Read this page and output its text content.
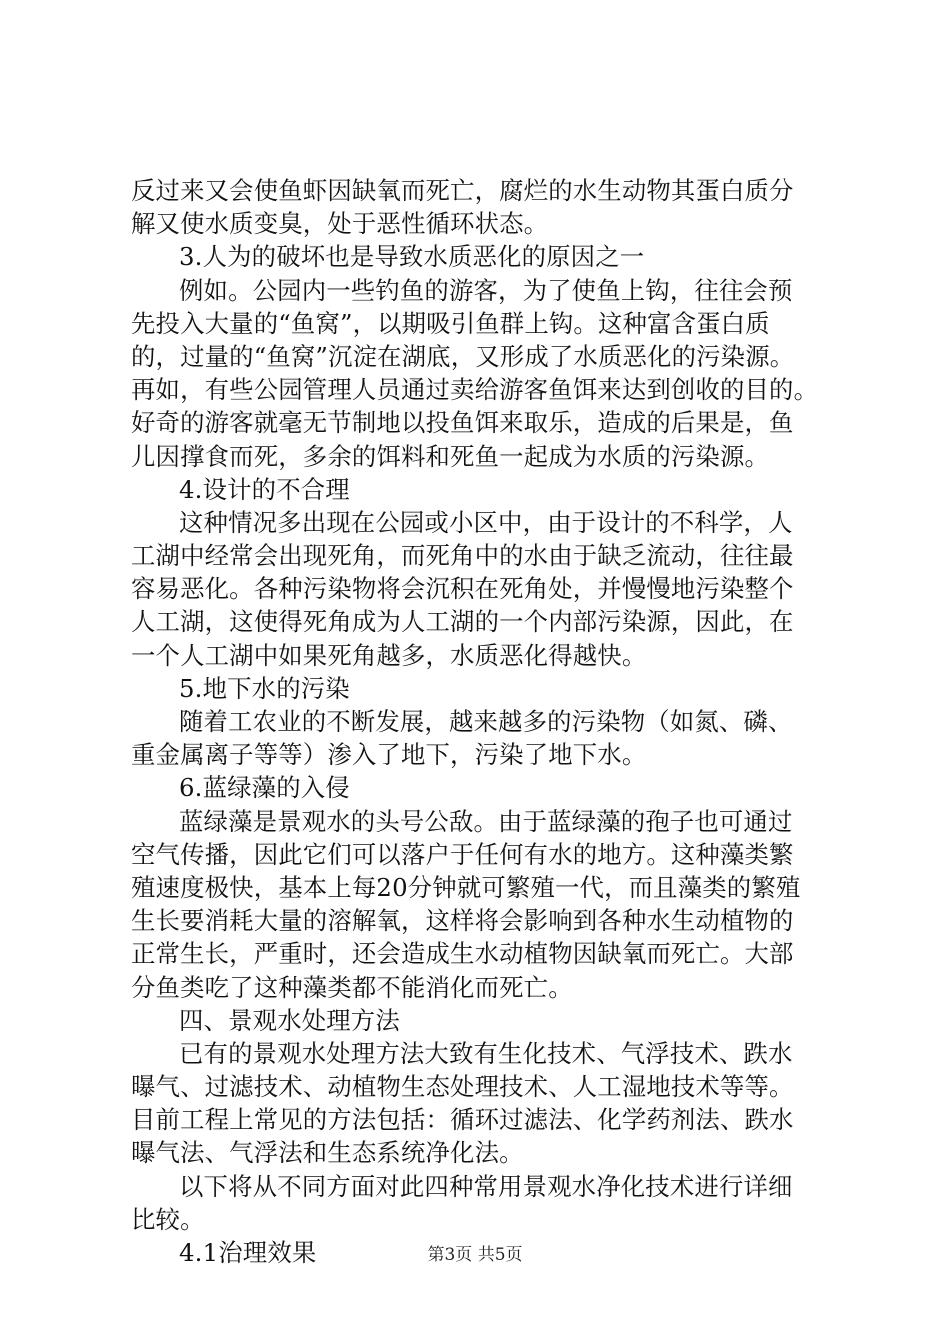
反过来又会使鱼虾因缺氧而死亡，腐烂的水生动物其蛋白质分
解又使水质变臭，处于恶性循环状态。
3.人为的破坏也是导致水质恶化的原因之一
例如。公园内一些钓鱼的游客，为了使鱼上钩，往往会预
先投入大量的“鱼窝”，以期吸引鱼群上钩。这种富含蛋白质
的，过量的“鱼窝”沉淀在湖底，又形成了水质恶化的污染源。
再如，有些公园管理人员通过卖给游客鱼饵来达到创收的目的。
好奇的游客就毫无节制地以投鱼饵来取乐，造成的后果是，鱼
儿因撑食而死，多余的饵料和死鱼一起成为水质的污染源。
4.设计的不合理
这种情况多出现在公园或小区中，由于设计的不科学，人
工湖中经常会出现死角，而死角中的水由于缺乏流动，往往最
容易恶化。各种污染物将会沉积在死角处，并慢慢地污染整个
人工湖，这使得死角成为人工湖的一个内部污染源，因此，在
一个人工湖中如果死角越多，水质恶化得越快。
5.地下水的污染
随着工农业的不断发展，越来越多的污染物（如氮、磷、
重金属离子等等）渗入了地下，污染了地下水。
6.蓝绿藻的入侵
蓝绿藻是景观水的头号公敌。由于蓝绿藻的孢子也可通过
空气传播，因此它们可以落户于任何有水的地方。这种藻类繁
殖速度极快，基本上每20分钟就可繁殖一代，而且藻类的繁殖
生长要消耗大量的溶解氧，这样将会影响到各种水生动植物的
正常生长，严重时，还会造成生水动植物因缺氧而死亡。大部
分鱼类吃了这种藻类都不能消化而死亡。
四、景观水处理方法
已有的景观水处理方法大致有生化技术、气浮技术、跌水
曝气、过滤技术、动植物生态处理技术、人工湿地技术等等。
目前工程上常见的方法包括：循环过滤法、化学药剂法、跌水
曝气法、气浮法和生态系统净化法。
以下将从不同方面对此四种常用景观水净化技术进行详细
比较。
4.1治理效果	第3页 共5页
